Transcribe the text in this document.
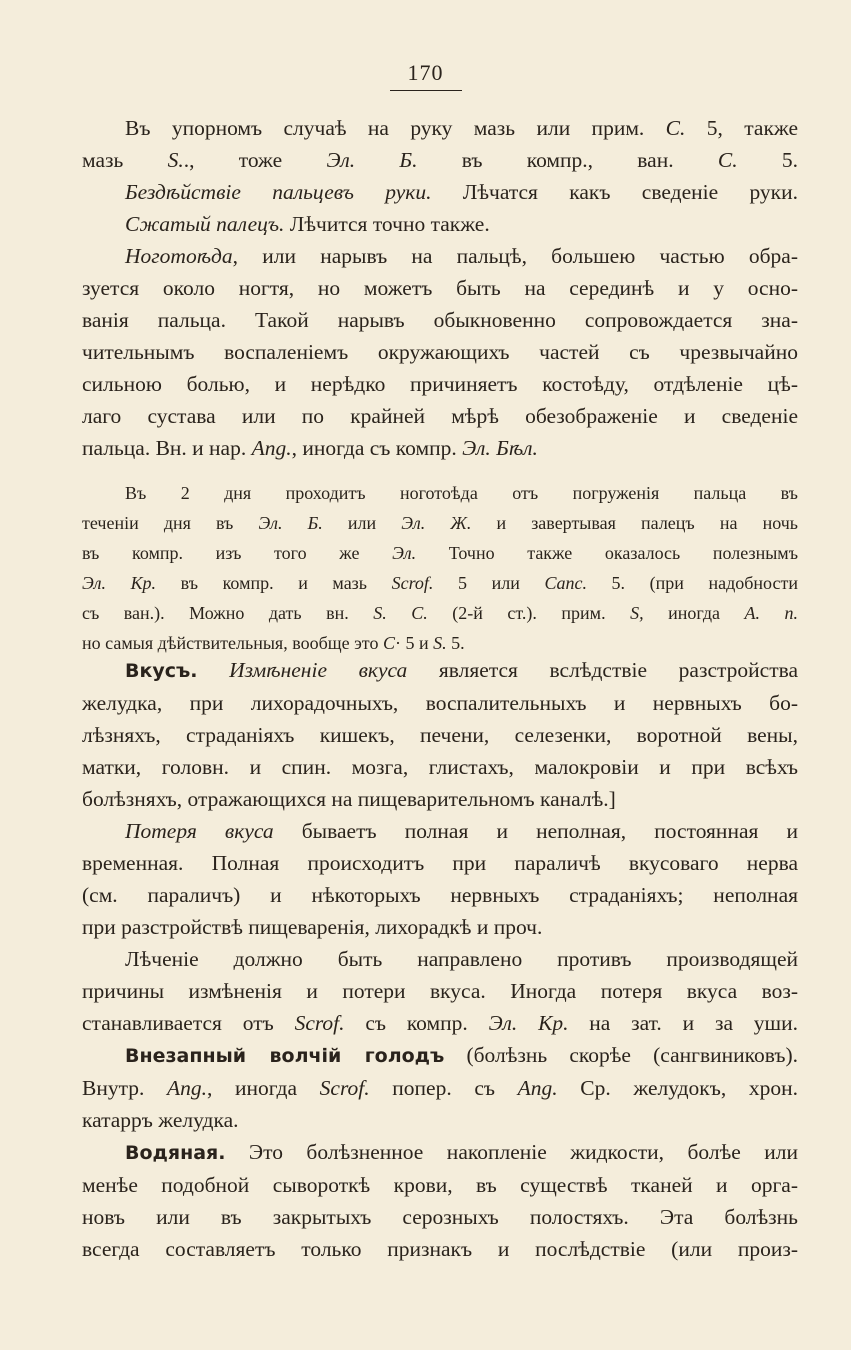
170

Въ упорномъ случаѣ на руку мазь или прим. C. 5, также

мазь S.., тоже Эл. Б. въ компр., ван. C. 5.

Бездѣйствіе пальцевъ руки. Лѣчатся какъ сведеніе руки.

Сжатый палецъ. Лѣчится точно также.

Ноготоѣда, или нарывъ на пальцѣ, большею частью обра-

зуется около ногтя, но можетъ быть на серединѣ и у осно-

ванія пальца. Такой нарывъ обыкновенно сопровождается зна-

чительнымъ воспаленіемъ окружающихъ частей съ чрезвычайно

сильною болью, и нерѣдко причиняетъ костоѣду, отдѣленіе цѣ-

лаго сустава или по крайней мѣрѣ обезображеніе и сведеніе

пальца. Вн. и нар. Ang., иногда съ компр. Эл. Бѣл.

Въ 2 дня проходитъ ноготоѣда отъ погруженія пальца въ

теченіи дня въ Эл. Б. или Эл. Ж. и завертывая палецъ на ночь

въ компр. изъ того же Эл. Точно также оказалось полезнымъ

Эл. Кр. въ компр. и мазь Scrof. 5 или Canc. 5. (при надобности

съ ван.). Можно дать вн. S. C. (2-й ст.). прим. S, иногда A. n.

но самыя дѣйствительныя, вообще это C· 5 и S. 5.

Вкусъ. Измѣненіе вкуса является вслѣдствіе разстройства

желудка, при лихорадочныхъ, воспалительныхъ и нервныхъ бо-

лѣзняхъ, страданіяхъ кишекъ, печени, селезенки, воротной вены,

матки, головн. и спин. мозга, глистахъ, малокровіи и при всѣхъ

болѣзняхъ, отражающихся на пищеварительномъ каналѣ.]

Потеря вкуса бываетъ полная и неполная, постоянная и

временная. Полная происходитъ при параличѣ вкусоваго нерва

(см. параличъ) и нѣкоторыхъ нервныхъ страданіяхъ; неполная

при разстройствѣ пищеваренія, лихорадкѣ и проч.

Лѣченіе должно быть направлено противъ производящей

причины измѣненія и потери вкуса. Иногда потеря вкуса воз-

станавливается отъ Scrof. съ компр. Эл. Кр. на зат. и за уши.

Внезапный волчій голодъ (болѣзнь скорѣе (сангвиниковъ).

Внутр. Ang., иногда Scrof. попер. съ Ang. Ср. желудокъ, хрон.

катарръ желудка.

Водяная. Это болѣзненное накопленіе жидкости, болѣе или

менѣе подобной сывороткѣ крови, въ существѣ тканей и орга-

новъ или въ закрытыхъ серозныхъ полостяхъ. Эта болѣзнь

всегда составляетъ только признакъ и послѣдствіе (или произ-
